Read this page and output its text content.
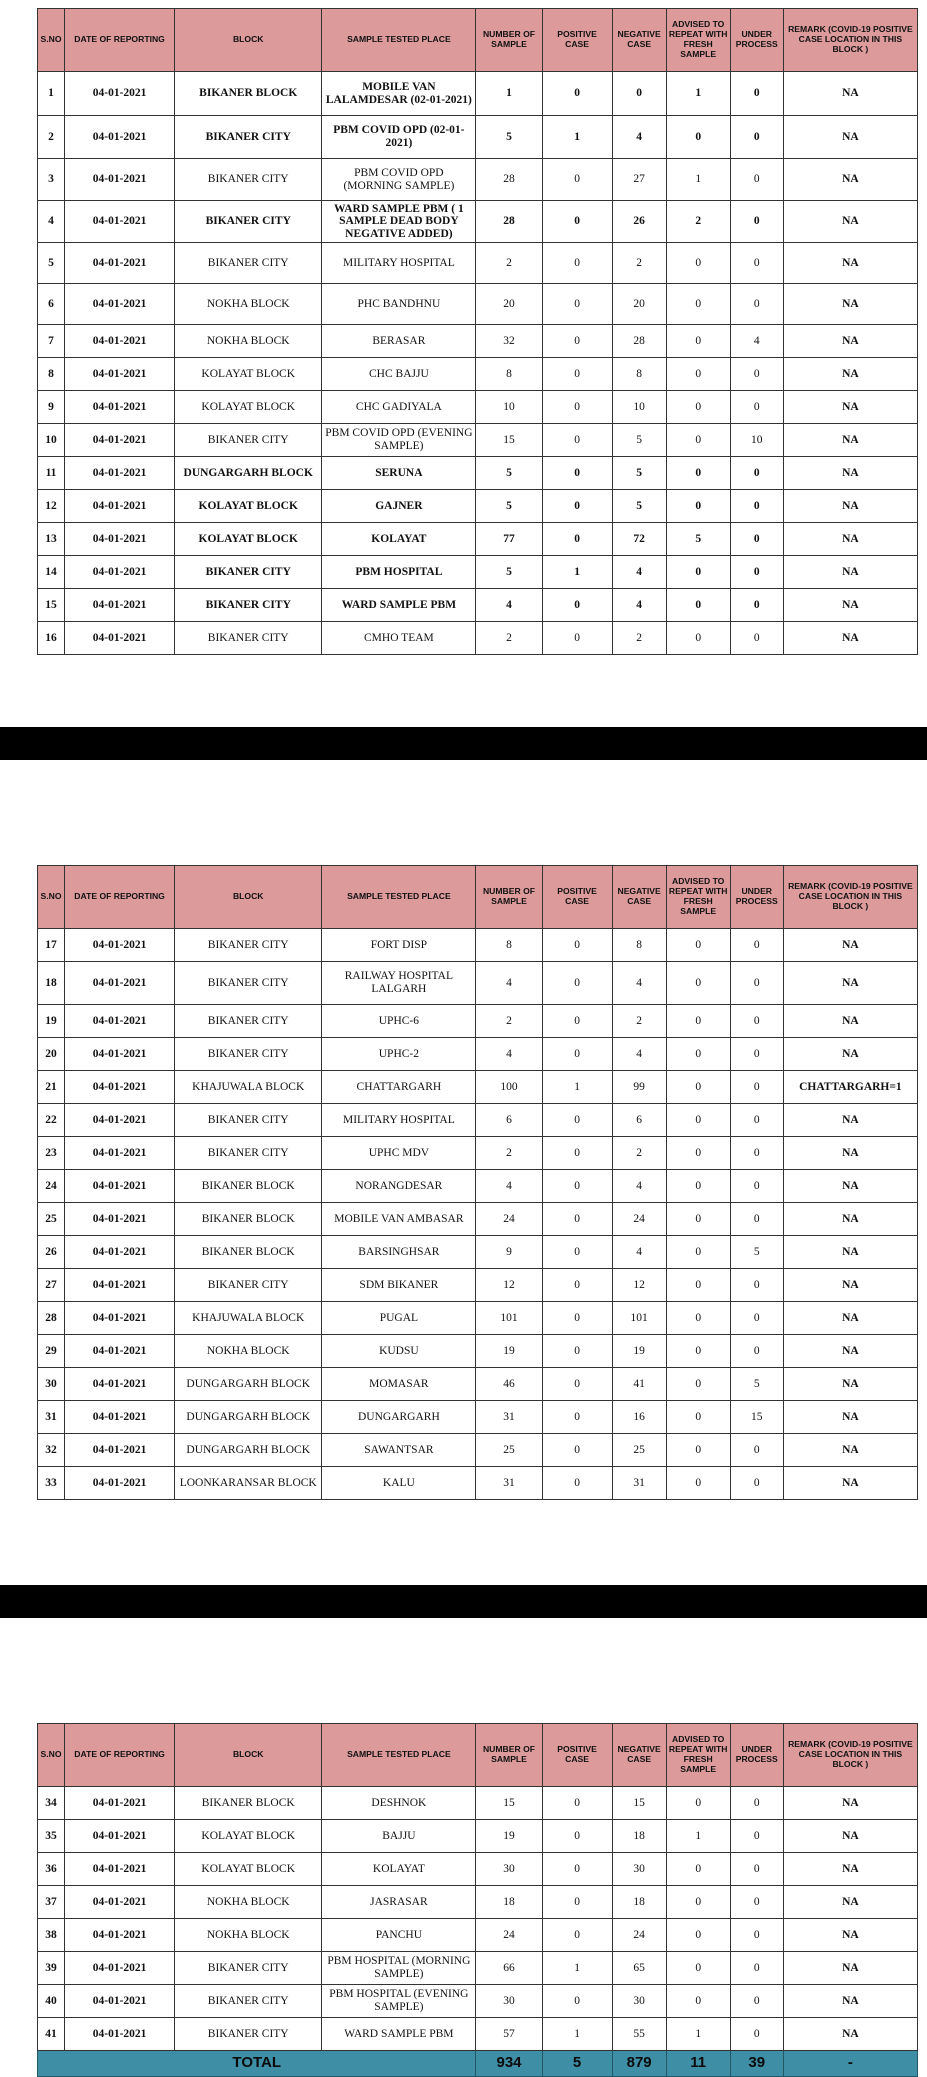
S.NO	DATE OF REPORTING	BLOCK	SAMPLE TESTED PLACE	NUMBER OF SAMPLE	POSITIVE CASE	NEGATIVE CASE	ADVISED TO REPEAT WITH FRESH SAMPLE	UNDER PROCESS	REMARK (COVID-19 POSITIVE CASE LOCATION IN THIS BLOCK )
1	04-01-2021	BIKANER BLOCK	MOBILE VAN LALAMDESAR (02-01-2021)	1	0	0	1	0	NA
2	04-01-2021	BIKANER CITY	PBM COVID OPD (02-01-2021)	5	1	4	0	0	NA
3	04-01-2021	BIKANER CITY	PBM COVID OPD (MORNING SAMPLE)	28	0	27	1	0	NA
4	04-01-2021	BIKANER CITY	WARD SAMPLE PBM ( 1 SAMPLE DEAD BODY NEGATIVE ADDED)	28	0	26	2	0	NA
5	04-01-2021	BIKANER CITY	MILITARY HOSPITAL	2	0	2	0	0	NA
6	04-01-2021	NOKHA BLOCK	PHC BANDHNU	20	0	20	0	0	NA
7	04-01-2021	NOKHA BLOCK	BERASAR	32	0	28	0	4	NA
8	04-01-2021	KOLAYAT BLOCK	CHC BAJJU	8	0	8	0	0	NA
9	04-01-2021	KOLAYAT BLOCK	CHC GADIYALA	10	0	10	0	0	NA
10	04-01-2021	BIKANER CITY	PBM COVID OPD (EVENING SAMPLE)	15	0	5	0	10	NA
11	04-01-2021	DUNGARGARH BLOCK	SERUNA	5	0	5	0	0	NA
12	04-01-2021	KOLAYAT BLOCK	GAJNER	5	0	5	0	0	NA
13	04-01-2021	KOLAYAT BLOCK	KOLAYAT	77	0	72	5	0	NA
14	04-01-2021	BIKANER CITY	PBM HOSPITAL	5	1	4	0	0	NA
15	04-01-2021	BIKANER CITY	WARD SAMPLE PBM	4	0	4	0	0	NA
16	04-01-2021	BIKANER CITY	CMHO TEAM	2	0	2	0	0	NA
S.NO	DATE OF REPORTING	BLOCK	SAMPLE TESTED PLACE	NUMBER OF SAMPLE	POSITIVE CASE	NEGATIVE CASE	ADVISED TO REPEAT WITH FRESH SAMPLE	UNDER PROCESS	REMARK (COVID-19 POSITIVE CASE LOCATION IN THIS BLOCK )
17	04-01-2021	BIKANER CITY	FORT DISP	8	0	8	0	0	NA
18	04-01-2021	BIKANER CITY	RAILWAY HOSPITAL LALGARH	4	0	4	0	0	NA
19	04-01-2021	BIKANER CITY	UPHC-6	2	0	2	0	0	NA
20	04-01-2021	BIKANER CITY	UPHC-2	4	0	4	0	0	NA
21	04-01-2021	KHAJUWALA BLOCK	CHATTARGARH	100	1	99	0	0	CHATTARGARH=1
22	04-01-2021	BIKANER CITY	MILITARY HOSPITAL	6	0	6	0	0	NA
23	04-01-2021	BIKANER CITY	UPHC MDV	2	0	2	0	0	NA
24	04-01-2021	BIKANER BLOCK	NORANGDESAR	4	0	4	0	0	NA
25	04-01-2021	BIKANER BLOCK	MOBILE VAN AMBASAR	24	0	24	0	0	NA
26	04-01-2021	BIKANER BLOCK	BARSINGHSAR	9	0	4	0	5	NA
27	04-01-2021	BIKANER CITY	SDM BIKANER	12	0	12	0	0	NA
28	04-01-2021	KHAJUWALA BLOCK	PUGAL	101	0	101	0	0	NA
29	04-01-2021	NOKHA BLOCK	KUDSU	19	0	19	0	0	NA
30	04-01-2021	DUNGARGARH BLOCK	MOMASAR	46	0	41	0	5	NA
31	04-01-2021	DUNGARGARH BLOCK	DUNGARGARH	31	0	16	0	15	NA
32	04-01-2021	DUNGARGARH BLOCK	SAWANTSAR	25	0	25	0	0	NA
33	04-01-2021	LOONKARANSAR BLOCK	KALU	31	0	31	0	0	NA
S.NO	DATE OF REPORTING	BLOCK	SAMPLE TESTED PLACE	NUMBER OF SAMPLE	POSITIVE CASE	NEGATIVE CASE	ADVISED TO REPEAT WITH FRESH SAMPLE	UNDER PROCESS	REMARK (COVID-19 POSITIVE CASE LOCATION IN THIS BLOCK )
34	04-01-2021	BIKANER BLOCK	DESHNOK	15	0	15	0	0	NA
35	04-01-2021	KOLAYAT BLOCK	BAJJU	19	0	18	1	0	NA
36	04-01-2021	KOLAYAT BLOCK	KOLAYAT	30	0	30	0	0	NA
37	04-01-2021	NOKHA BLOCK	JASRASAR	18	0	18	0	0	NA
38	04-01-2021	NOKHA BLOCK	PANCHU	24	0	24	0	0	NA
39	04-01-2021	BIKANER CITY	PBM HOSPITAL (MORNING SAMPLE)	66	1	65	0	0	NA
40	04-01-2021	BIKANER CITY	PBM HOSPITAL (EVENING SAMPLE)	30	0	30	0	0	NA
41	04-01-2021	BIKANER CITY	WARD SAMPLE PBM	57	1	55	1	0	NA
TOTAL				934	5	879	11	39	-
